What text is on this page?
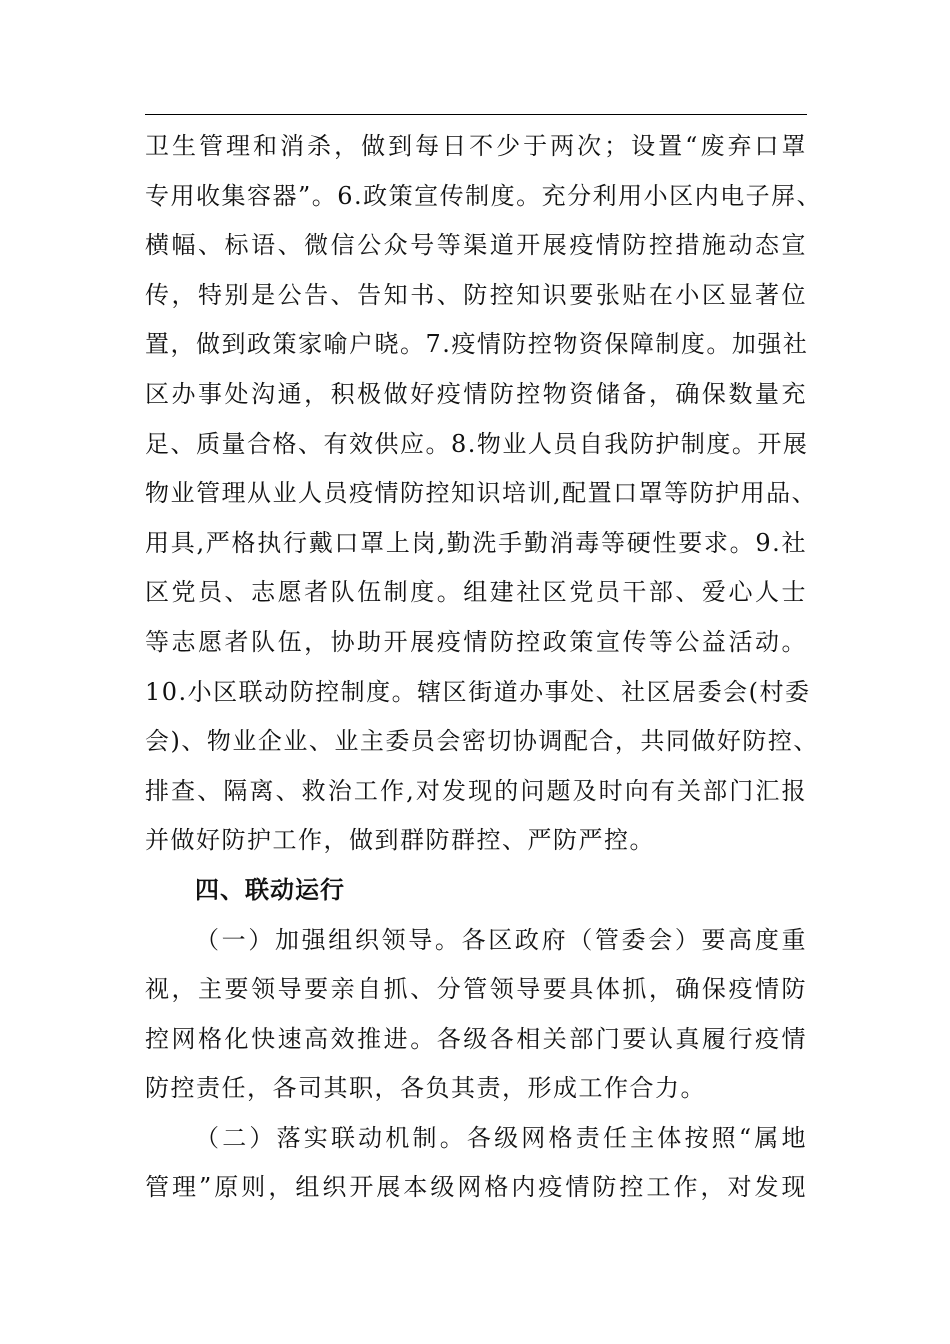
卫生管理和消杀，做到每日不少于两次；设置“废弃口罩
专用收集容器”。6.政策宣传制度。充分利用小区内电子屏、
横幅、标语、微信公众号等渠道开展疫情防控措施动态宣
传，特别是公告、告知书、防控知识要张贴在小区显著位
置，做到政策家喻户晓。7.疫情防控物资保障制度。加强社
区办事处沟通，积极做好疫情防控物资储备，确保数量充
足、质量合格、有效供应。8.物业人员自我防护制度。开展
物业管理从业人员疫情防控知识培训,配置口罩等防护用品、
用具,严格执行戴口罩上岗,勤洗手勤消毒等硬性要求。9.社
区党员、志愿者队伍制度。组建社区党员干部、爱心人士
等志愿者队伍，协助开展疫情防控政策宣传等公益活动。
10.小区联动防控制度。辖区街道办事处、社区居委会(村委
会)、物业企业、业主委员会密切协调配合，共同做好防控、
排查、隔离、救治工作,对发现的问题及时向有关部门汇报
并做好防护工作，做到群防群控、严防严控。
四、联动运行
（一）加强组织领导。各区政府（管委会）要高度重
视，主要领导要亲自抓、分管领导要具体抓，确保疫情防
控网格化快速高效推进。各级各相关部门要认真履行疫情
防控责任，各司其职，各负其责，形成工作合力。
（二）落实联动机制。各级网格责任主体按照“属地
管理”原则，组织开展本级网格内疫情防控工作，对发现
